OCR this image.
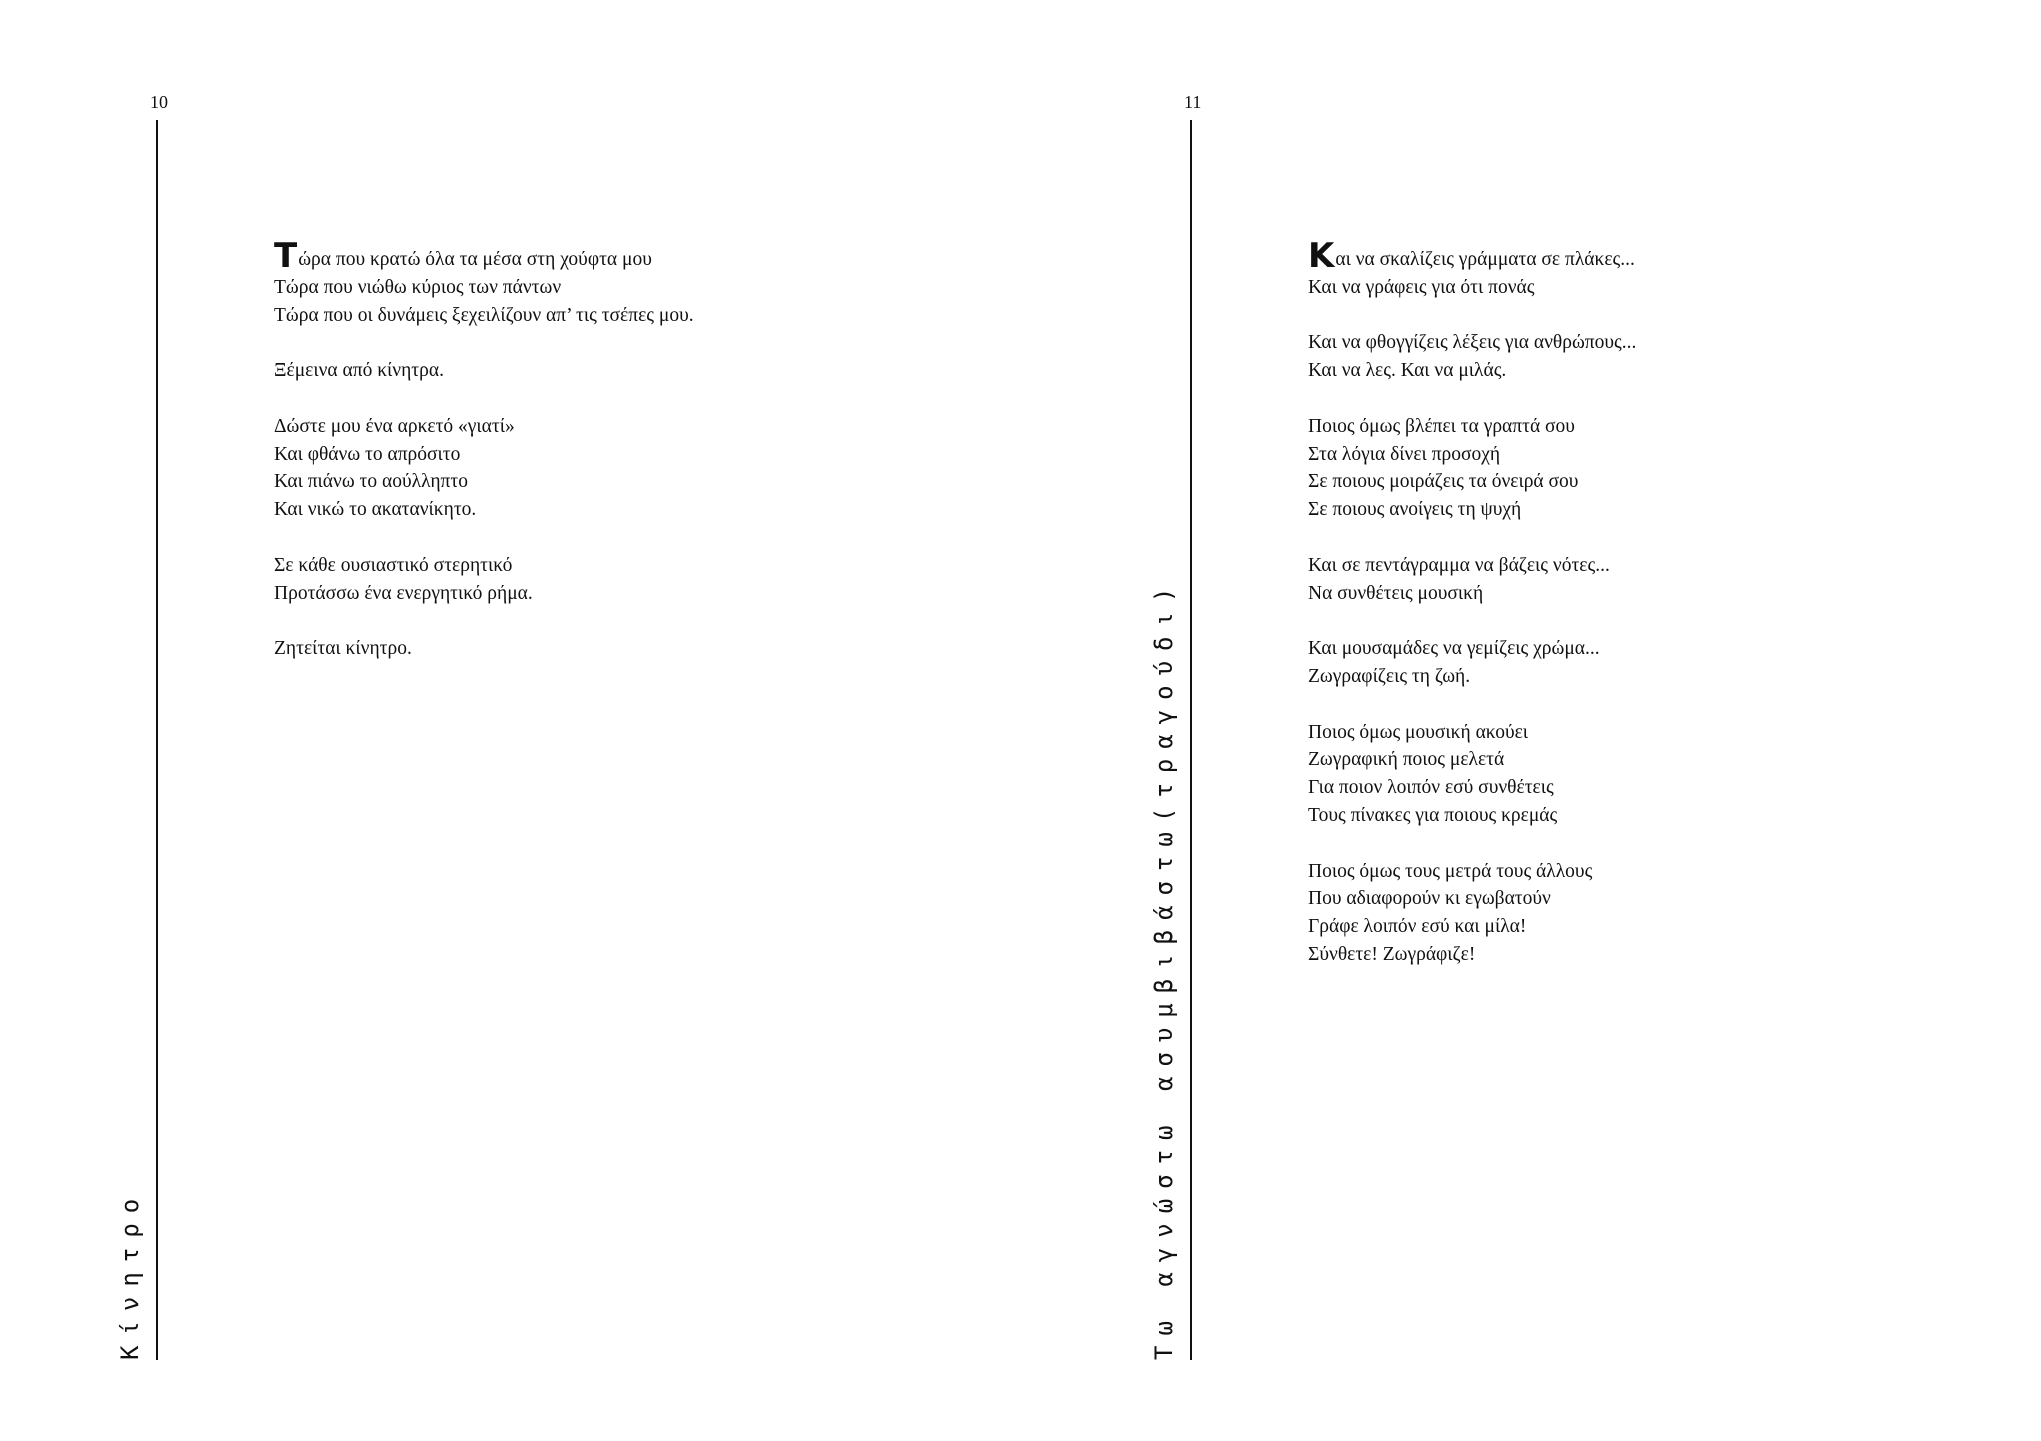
10
Κίνητρο
Τώρα που κρατώ όλα τα μέσα στη χούφτα μου
Τώρα που νιώθω κύριος των πάντων
Τώρα που οι δυνάμεις ξεχειλίζουν απ’ τις τσέπες μου.
Ξέμεινα από κίνητρα.
Δώστε μου ένα αρκετό «γιατί»
Και φθάνω το απρόσιτο
Και πιάνω το αούλληπτο
Και νικώ το ακατανίκητο.
Σε κάθε ουσιαστικό στερητικό
Προτάσσω ένα ενεργητικό ρήμα.
Ζητείται κίνητρο.
11
Τω αγνώστω ασυμβιβάστω(τραγούδι)
Και να σκαλίζεις γράμματα σε πλάκες...
Και να γράφεις για ότι πονάς
Και να φθογγίζεις λέξεις για ανθρώπους...
Και να λες. Και να μιλάς.
Ποιος όμως βλέπει τα γραπτά σου
Στα λόγια δίνει προσοχή
Σε ποιους μοιράζεις τα όνειρά σου
Σε ποιους ανοίγεις τη ψυχή
Και σε πεντάγραμμα να βάζεις νότες...
Να συνθέτεις μουσική
Και μουσαμάδες να γεμίζεις χρώμα...
Ζωγραφίζεις τη ζωή.
Ποιος όμως μουσική ακούει
Ζωγραφική ποιος μελετά
Για ποιον λοιπόν εσύ συνθέτεις
Τους πίνακες για ποιους κρεμάς
Ποιος όμως τους μετρά τους άλλους
Που αδιαφορούν κι εγωβατούν
Γράφε λοιπόν εσύ και μίλα!
Σύνθετε! Ζωγράφιζε!
